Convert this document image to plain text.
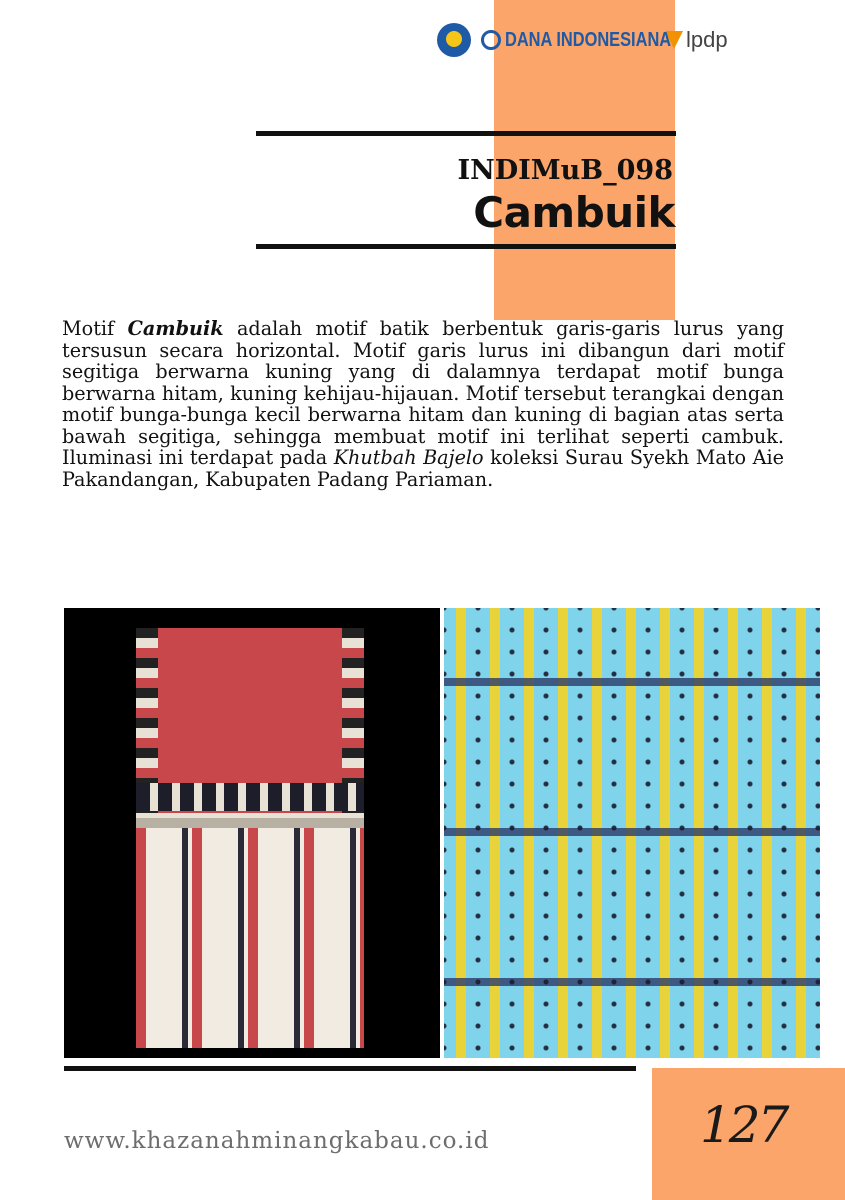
DANA INDONESIANA lpdp
INDIMuB_098
Cambuik

Motif Cambuik adalah motif batik berbentuk garis-garis lurus yang tersusun secara horizontal. Motif garis lurus ini dibangun dari motif segitiga berwarna kuning yang di dalamnya terdapat motif bunga berwarna hitam, kuning kehijau-hijauan. Motif tersebut terangkai dengan motif bunga-bunga kecil berwarna hitam dan kuning di bagian atas serta bawah segitiga, sehingga membuat motif ini terlihat seperti cambuk. Iluminasi ini terdapat pada Khutbah Bajelo koleksi Surau Syekh Mato Aie Pakandangan, Kabupaten Padang Pariaman.

127
www.khazanahminangkabau.co.id
